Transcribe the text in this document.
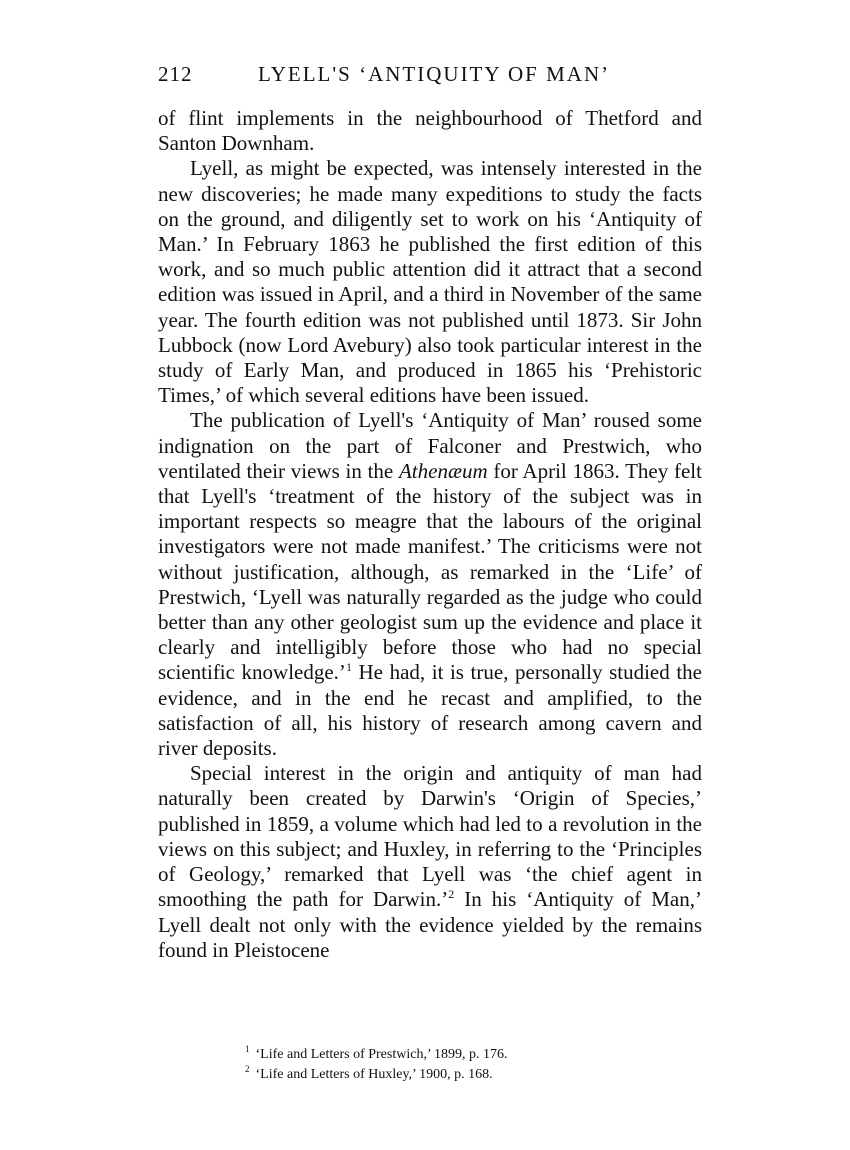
212	LYELL'S ‘ANTIQUITY OF MAN’

of flint implements in the neighbourhood of Thetford and Santon Downham.

Lyell, as might be expected, was intensely interested in the new discoveries; he made many expeditions to study the facts on the ground, and diligently set to work on his ‘Antiquity of Man.’ In February 1863 he published the first edition of this work, and so much public attention did it attract that a second edition was issued in April, and a third in November of the same year. The fourth edition was not published until 1873. Sir John Lubbock (now Lord Avebury) also took particular interest in the study of Early Man, and produced in 1865 his ‘Prehistoric Times,’ of which several editions have been issued.

The publication of Lyell's ‘Antiquity of Man’ roused some indignation on the part of Falconer and Prestwich, who ventilated their views in the Athenæum for April 1863. They felt that Lyell's ‘treatment of the history of the subject was in important respects so meagre that the labours of the original investigators were not made manifest.’ The criticisms were not without justification, although, as remarked in the ‘Life’ of Prestwich, ‘Lyell was naturally regarded as the judge who could better than any other geologist sum up the evidence and place it clearly and intelligibly before those who had no special scientific knowledge.’$^1$ He had, it is true, personally studied the evidence, and in the end he recast and amplified, to the satisfaction of all, his history of research among cavern and river deposits.

Special interest in the origin and antiquity of man had naturally been created by Darwin's ‘Origin of Species,’ published in 1859, a volume which had led to a revolution in the views on this subject; and Huxley, in referring to the ‘Principles of Geology,’ remarked that Lyell was ‘the chief agent in smoothing the path for Darwin.’$^2$ In his ‘Antiquity of Man,’ Lyell dealt not only with the evidence yielded by the remains found in Pleistocene

$^1$ ‘Life and Letters of Prestwich,’ 1899, p. 176.

$^2$ ‘Life and Letters of Huxley,’ 1900, p. 168.
